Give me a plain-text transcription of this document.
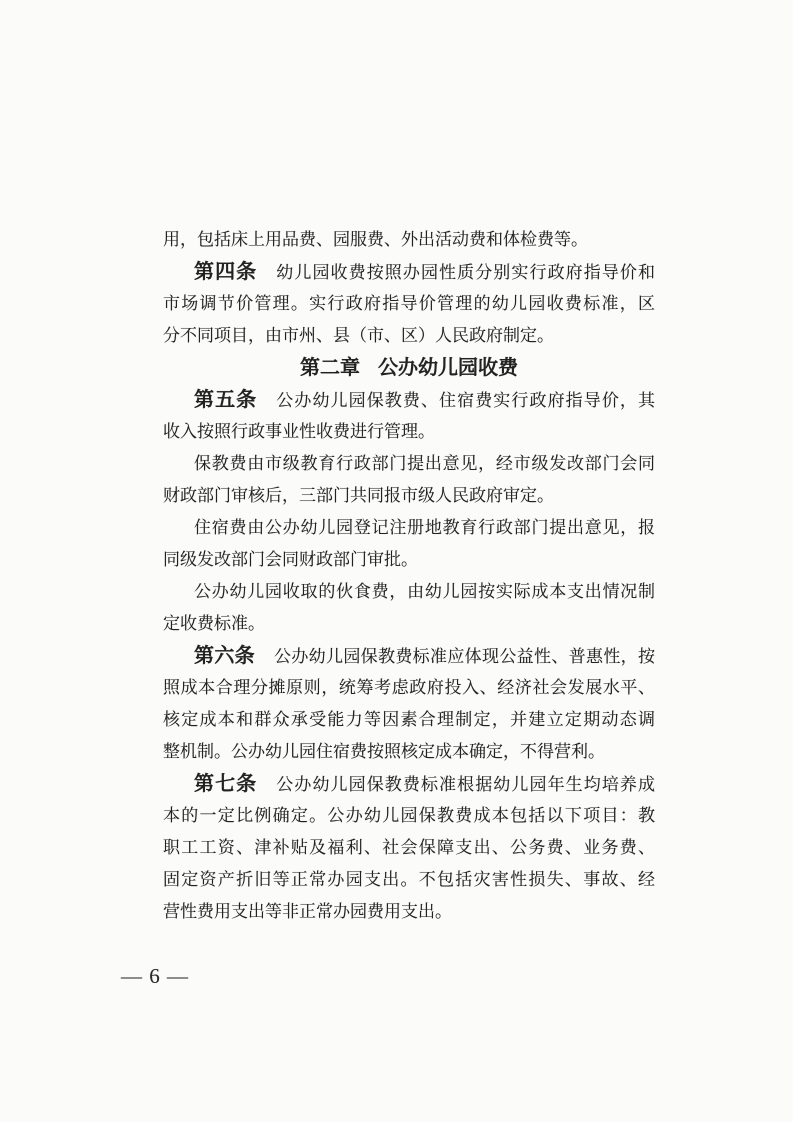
用，包括床上用品费、园服费、外出活动费和体检费等。
第四条 幼儿园收费按照办园性质分别实行政府指导价和
市场调节价管理。实行政府指导价管理的幼儿园收费标准，区
分不同项目，由市州、县（市、区）人民政府制定。
第二章 公办幼儿园收费
第五条 公办幼儿园保教费、住宿费实行政府指导价，其
收入按照行政事业性收费进行管理。
保教费由市级教育行政部门提出意见，经市级发改部门会同
财政部门审核后，三部门共同报市级人民政府审定。
住宿费由公办幼儿园登记注册地教育行政部门提出意见，报
同级发改部门会同财政部门审批。
公办幼儿园收取的伙食费，由幼儿园按实际成本支出情况制
定收费标准。
第六条 公办幼儿园保教费标准应体现公益性、普惠性，按
照成本合理分摊原则，统筹考虑政府投入、经济社会发展水平、
核定成本和群众承受能力等因素合理制定，并建立定期动态调
整机制。公办幼儿园住宿费按照核定成本确定，不得营利。
第七条 公办幼儿园保教费标准根据幼儿园年生均培养成
本的一定比例确定。公办幼儿园保教费成本包括以下项目：教
职工工资、津补贴及福利、社会保障支出、公务费、业务费、
固定资产折旧等正常办园支出。不包括灾害性损失、事故、经
营性费用支出等非正常办园费用支出。
— 6 —
